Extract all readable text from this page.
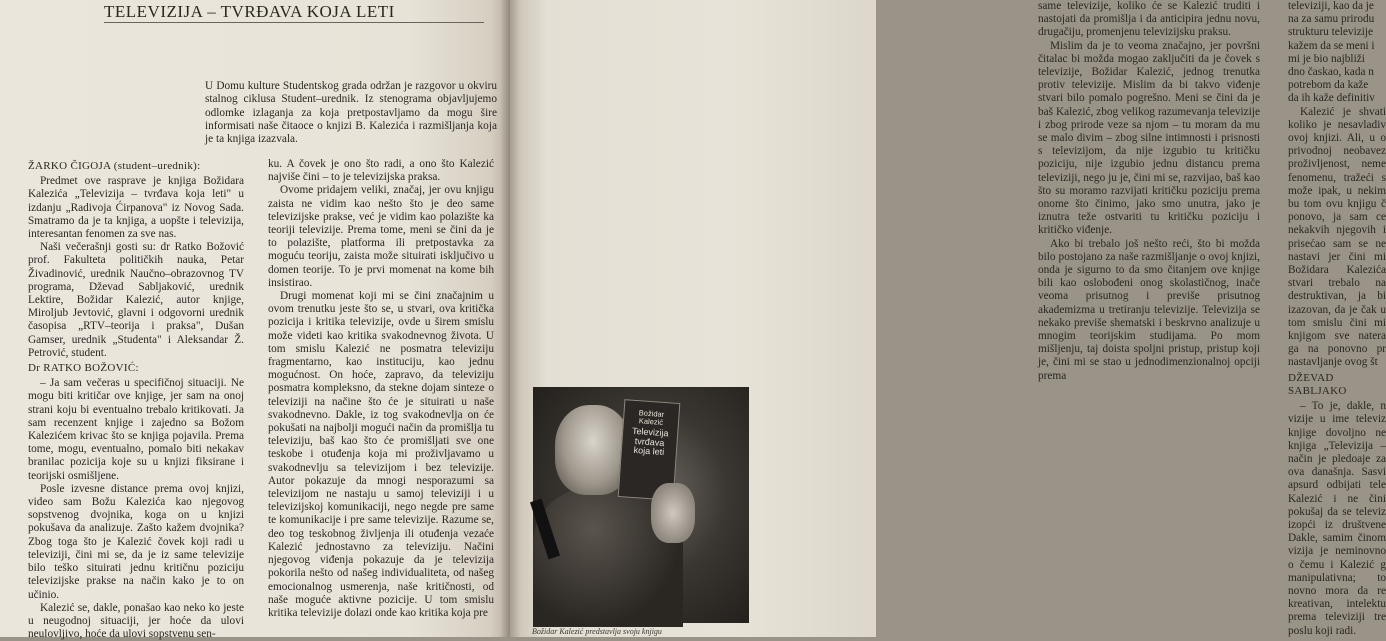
TELEVIZIJA – TVRĐAVA KOJA LETI
U Domu kulture Studentskog grada održan je razgovor u okviru stalnog ciklusa Student–urednik. Iz stenograma objavljujemo odlomke izlaganja za koja pretpostavljamo da mogu šire informisati naše čitaoce o knjizi B. Kalezića i razmišljanja koja je ta knjiga izazvala.

ŽARKO ČIGOJA (student–urednik):

Predmet ove rasprave je knjiga Božidara Kalezića „Televizija – tvrđava koja leti" u izdanju „Radivoja Ćirpanova" iz Novog Sada. Smatramo da je ta knjiga, a uopšte i televizija, interesantan fenomen za sve nas.

Naši večerašnji gosti su: dr Ratko Božović prof. Fakulteta političkih nauka, Petar Živadinović, urednik Naučno–obrazovnog TV programa, Dževad Sabljaković, urednik Lektire, Božidar Kalezić, autor knjige, Miroljub Jevtović, glavni i odgovorni urednik časopisa „RTV–teorija i praksa", Dušan Gamser, urednik „Studenta" i Aleksandar Ž. Petrović, student.

Dr RATKO BOŽOVIĆ:

– Ja sam večeras u specifičnoj situaciji. Ne mogu biti kritičar ove knjige, jer sam na onoj strani koju bi eventualno trebalo kritikovati. Ja sam recenzent knjige i zajedno sa Božom Kalezićem krivac što se knjiga pojavila. Prema tome, mogu, eventualno, pomalo biti nekakav branilac pozicija koje su u knjizi fiksirane i teorijski osmišljene.

Posle izvesne distance prema ovoj knjizi, video sam Božu Kalezića kao njegovog sopstvenog dvojnika, koga on u knjizi pokušava da analizuje. Zašto kažem dvojnika? Zbog toga što je Kalezić čovek koji radi u televiziji, čini mi se, da je iz same televizije bilo teško situirati jednu kritičnu poziciju televizijske prakse na način kako je to on učinio.

Kalezić se, dakle, ponašao kao neko ko jeste u neugodnoj situaciji, jer hoće da ulovi neulovljivo, hoće da ulovi sopstvenu sen-

ku. A čovek je ono što radi, a ono što Kalezić najviše čini – to je televizijska praksa.

Ovome pridajem veliki, značaj, jer ovu knjigu zaista ne vidim kao nešto što je deo same televizijske prakse, već je vidim kao polazište ka teoriji televizije. Prema tome, meni se čini da je to polazište, platforma ili pretpostavka za moguću teoriju, zaista može situirati isključivo u domen teorije. To je prvi momenat na kome bih insistirao.

Drugi momenat koji mi se čini značajnim u ovom trenutku jeste što se, u stvari, ova kritička pozicija i kritika televizije, ovde u širem smislu može videti kao kritika svakodnevnog života. U tom smislu Kalezić ne posmatra televiziju fragmentarno, kao instituciju, kao jednu mogućnost. On hoće, zapravo, da televiziju posmatra kompleksno, da stekne dojam sinteze o televiziji na načine što će je situirati u naše svakodnevno. Dakle, iz tog svakodnevlja on će pokušati na najbolji mogući način da promišlja tu televiziju, baš kao što će promišljati sve one teskobe i otuđenja koja mi proživljavamo u svakodnevlju sa televizijom i bez televizije. Autor pokazuje da mnogi nesporazumi sa televizijom ne nastaju u samoj televiziji i u televizijskoj komunikaciji, nego negde pre same te komunikacije i pre same televizije. Razume se, deo tog teskobnog življenja ili otuđenja vezaće Kalezić jednostavno za televiziju. Načini njegovog viđenja pokazuje da je televizija pokorila nešto od našeg individualiteta, od našeg emocionalnog usmerenja, naše kritičnosti, od naše moguće aktivne pozicije. U tom smislu kritika televizije dolazi onde kao kritika koja pre

same televizije, koliko će se Kalezić truditi i nastojati da promišlja i da anticipira jednu novu, drugačiju, promenjenu televizijsku praksu.

Mislim da je to veoma značajno, jer površni čitalac bi možda mogao zaključiti da je čovek s televizije, Božidar Kalezić, jednog trenutka protiv televizije. Mislim da bi takvo viđenje stvari bilo pomalo pogrešno. Meni se čini da je baš Kalezić, zbog velikog razumevanja televizije i zbog prirode veze sa njom – tu moram da mu se malo divim – zbog silne intimnosti i prisnosti s televizijom, da nije izgubio tu kritičku poziciju, nije izgubio jednu distancu prema televiziji, nego ju je, čini mi se, razvijao, baš kao što su moramo razvijati kritičku poziciju prema onome što činimo, jako smo unutra, jako je iznutra teže ostvariti tu kritičku poziciju i kritičko viđenje.

Ako bi trebalo još nešto reći, što bi možda bilo postojano za naše razmišljanje o ovoj knjizi, onda je sigurno to da smo čitanjem ove knjige bili kao oslobođeni onog skolastičnog, inače veoma prisutnog i previše prisutnog akademizma u tretiranju televizije. Televizija se nekako previše shematski i beskrvno analizuje u mnogim teorijskim studijama. Po mom mišljenju, taj doista spoljni pristup, pristup koji je, čini mi se stao u jednodimenzionalnoj opciji prema

televiziji, kao da je

na za samu prirodu

strukturu televizije

kažem da se meni i

mi je bio najbliži

dno časkao, kada n

potrebom da kaže

da ih kaže definitiv

Kalezić je shvati koliko je nesavladiv ovoj knjizi. Ali, u o privodnoj neobavez proživljenost, neme fenomenu, tražeći s može ipak, u nekim bu tom ovu knjigu č ponovo, ja sam ce nekakvih njegovih i prisećao sam se ne nastavi jer čini mi Božidara Kalezića stvari trebalo na destruktivan, ja bi izazovan, da je čak u tom smislu čini mi knjigom sve natera ga na ponovno pr nastavljanje ovog št

DŽEVAD SABLJAKO

– To je, dakle, n vizije u ime televiz knjige dovoljno ne knjiga „Televizija – način je pledoaje za ova današnja. Sasvi apsurd odbijati tele Kalezić i ne čini pokušaj da se televiz izopći iz društvene Dakle, samim činom vizija je neminovno o čemu i Kalezić g manipulativna; to novno mora da re kreativan, intelektu prema televiziji tre poslu koji radi.

Božidar Kalezić
Televizija tvrđava koja leti
Božidar Kalezić predstavlja svoju knjigu
